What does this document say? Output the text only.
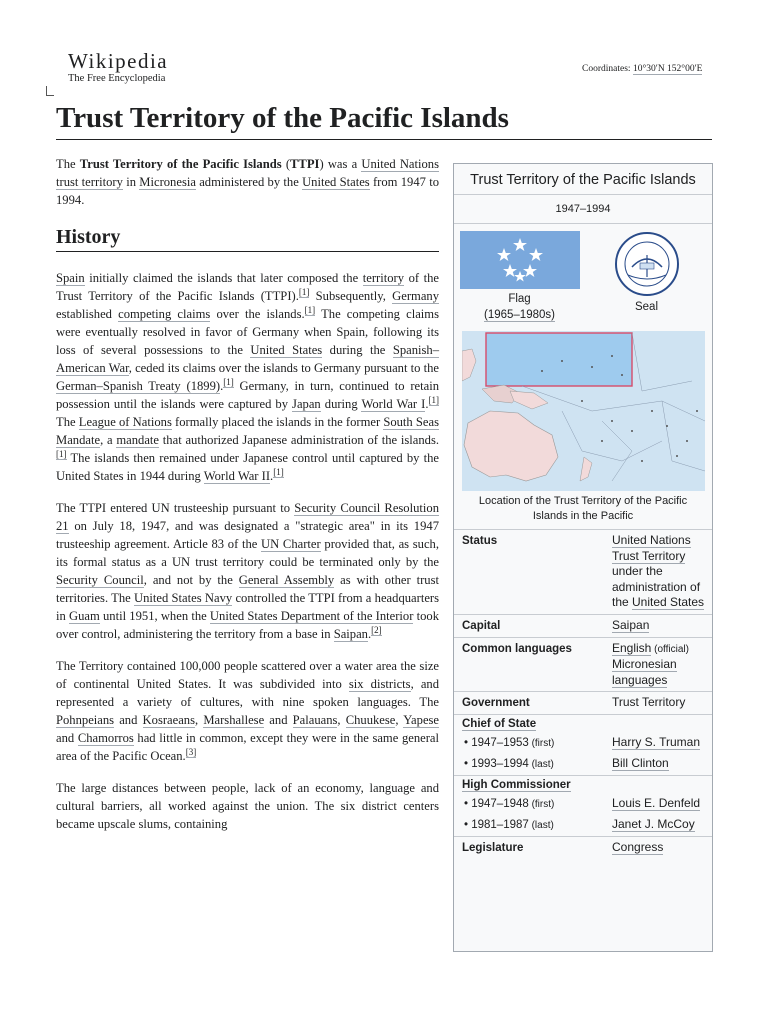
Wikipedia
The Free Encyclopedia
Coordinates: 10°30′N 152°00′E
Trust Territory of the Pacific Islands

The Trust Territory of the Pacific Islands (TTPI) was a United Nations trust territory in Micronesia administered by the United States from 1947 to 1994.

History

Spain initially claimed the islands that later composed the territory of the Trust Territory of the Pacific Islands (TTPI).[1] Subsequently, Germany established competing claims over the islands.[1] The competing claims were eventually resolved in favor of Germany when Spain, following its loss of several possessions to the United States during the Spanish–American War, ceded its claims over the islands to Germany pursuant to the German–Spanish Treaty (1899).[1] Germany, in turn, continued to retain possession until the islands were captured by Japan during World War I.[1] The League of Nations formally placed the islands in the former South Seas Mandate, a mandate that authorized Japanese administration of the islands.[1] The islands then remained under Japanese control until captured by the United States in 1944 during World War II.[1]

The TTPI entered UN trusteeship pursuant to Security Council Resolution 21 on July 18, 1947, and was designated a "strategic area" in its 1947 trusteeship agreement. Article 83 of the UN Charter provided that, as such, its formal status as a UN trust territory could be terminated only by the Security Council, and not by the General Assembly as with other trust territories. The United States Navy controlled the TTPI from a headquarters in Guam until 1951, when the United States Department of the Interior took over control, administering the territory from a base in Saipan.[2]

The Territory contained 100,000 people scattered over a water area the size of continental United States. It was subdivided into six districts, and represented a variety of cultures, with nine spoken languages. The Pohnpeians and Kosraeans, Marshallese and Palauans, Chuukese, Yapese and Chamorros had little in common, except they were in the same general area of the Pacific Ocean.[3]

The large distances between people, lack of an economy, language and cultural barriers, all worked against the union. The six district centers became upscale slums, containing

Trust Territory of the Pacific Islands
1947–1994
Flag
(1965–1980s)
Seal
Location of the Trust Territory of the Pacific Islands in the Pacific
Status	United Nations Trust Territory under the administration of the United States
Capital	Saipan
Common languages	English (official)
Micronesian languages
Government	Trust Territory
Chief of State
• 1947–1953 (first)	Harry S. Truman
• 1993–1994 (last)	Bill Clinton
High Commissioner
• 1947–1948 (first)	Louis E. Denfeld
• 1981–1987 (last)	Janet J. McCoy
Legislature	Congress
